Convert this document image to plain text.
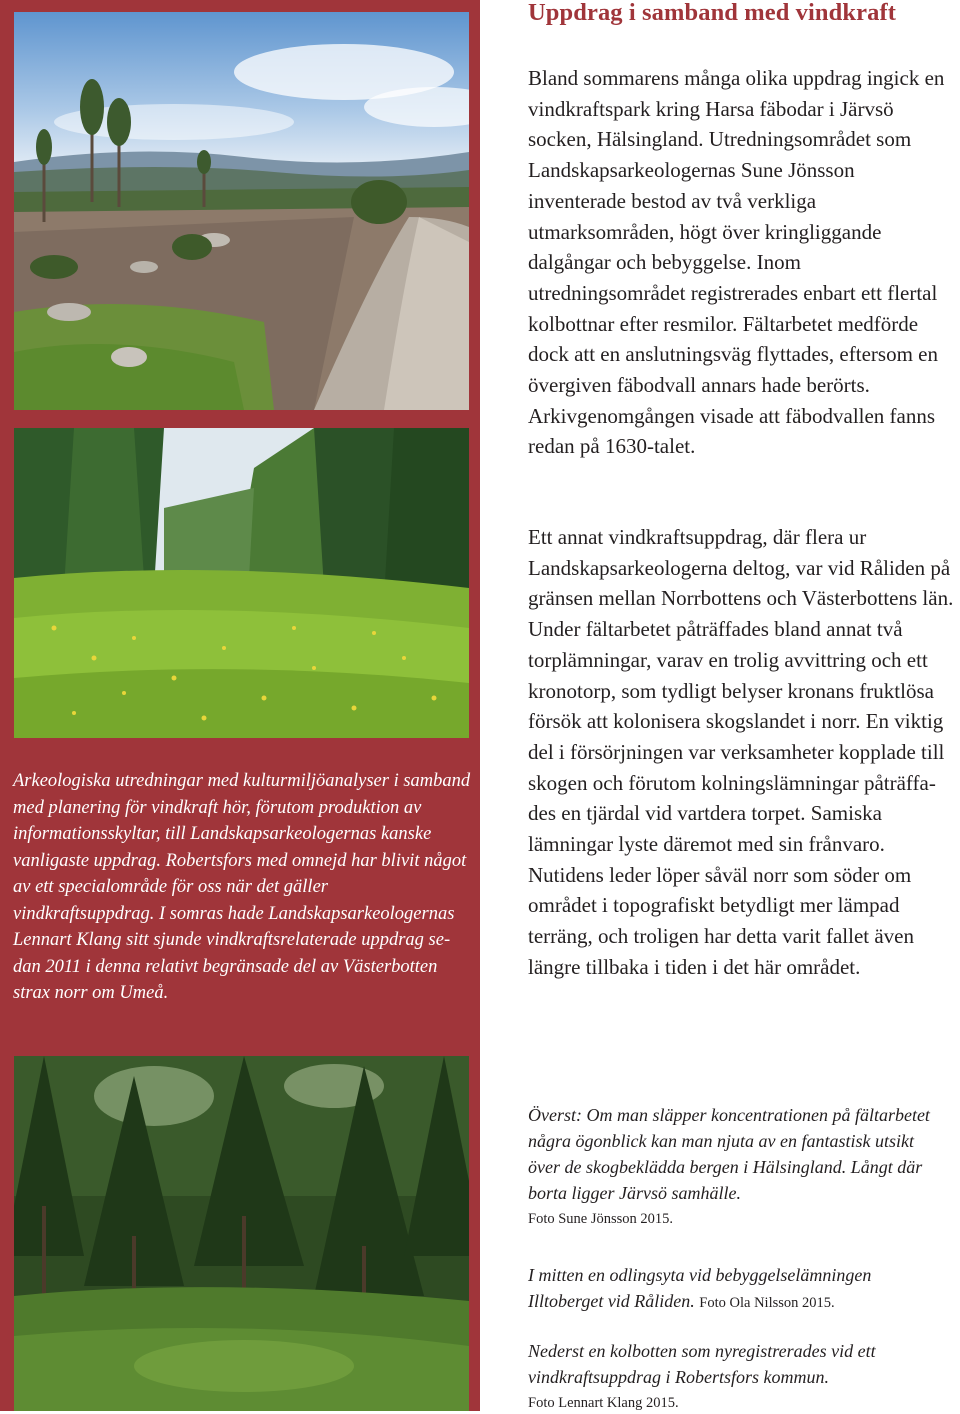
Arkeologiska utredningar med kulturmiljöanalyser i samband med planering för vindkraft hör, förutom produktion av informationsskyltar, till Landskapsarkeologernas kanske vanligaste uppdrag. Robertsfors med omnejd har blivit något av ett specialområde för oss när det gäller vindkraftsuppdrag. I somras hade Landskapsarkeologernas Lennart Klang sitt sjunde vindkraftsrelaterade uppdrag sedan 2011 i denna relativt begränsade del av Västerbotten strax norr om Umeå.

Uppdrag i samband med vindkraft

Bland sommarens många olika uppdrag ingick en vindkraftspark kring Harsa fäbodar i Järvsö socken, Hälsingland. Utredningsområdet som Landskapsarkeologernas Sune Jönsson inventerade bestod av två verkliga utmarksområden, högt över kringliggande dalgångar och bebyggelse. Inom utredningsområdet registrerades enbart ett flertal kolbottnar efter resmilor. Fältarbetet medförde dock att en anslutningsväg flyttades, eftersom en övergiven fäbodvall annars hade berörts. Arkivgenomgången visade att fäbodvallen fanns redan på 1630-talet.

Ett annat vindkraftsuppdrag, där flera ur Landskapsarkeologerna deltog, var vid Råliden på gränsen mellan Norrbottens och Västerbottens län. Under fältarbetet påträffades bland annat två torplämningar, varav en trolig avvittring och ett kronotorp, som tydligt belyser kronans fruktlösa försök att kolonisera skogslandet i norr. En viktig del i försörjningen var verksamheter kopplade till skogen och förutom kolningslämningar påträffades en tjärdal vid vartdera torpet. Samiska lämningar lyste däremot med sin frånvaro. Nutidens leder löper såväl norr som söder om området i topografiskt betydligt mer lämpad terräng, och troligen har detta varit fallet även längre tillbaka i tiden i det här området.

Överst: Om man släpper koncentrationen på fältarbetet några ögonblick kan man njuta av en fantastisk utsikt över de skogbeklädda bergen i Hälsingland. Långt där borta ligger Järvsö samhälle.
Foto Sune Jönsson 2015.

I mitten en odlingsyta vid bebyggelselämningen Illtoberget vid Råliden. Foto Ola Nilsson 2015.

Nederst en kolbotten som nyregistrerades vid ett vindkraftsuppdrag i Robertsfors kommun.
Foto Lennart Klang 2015.
